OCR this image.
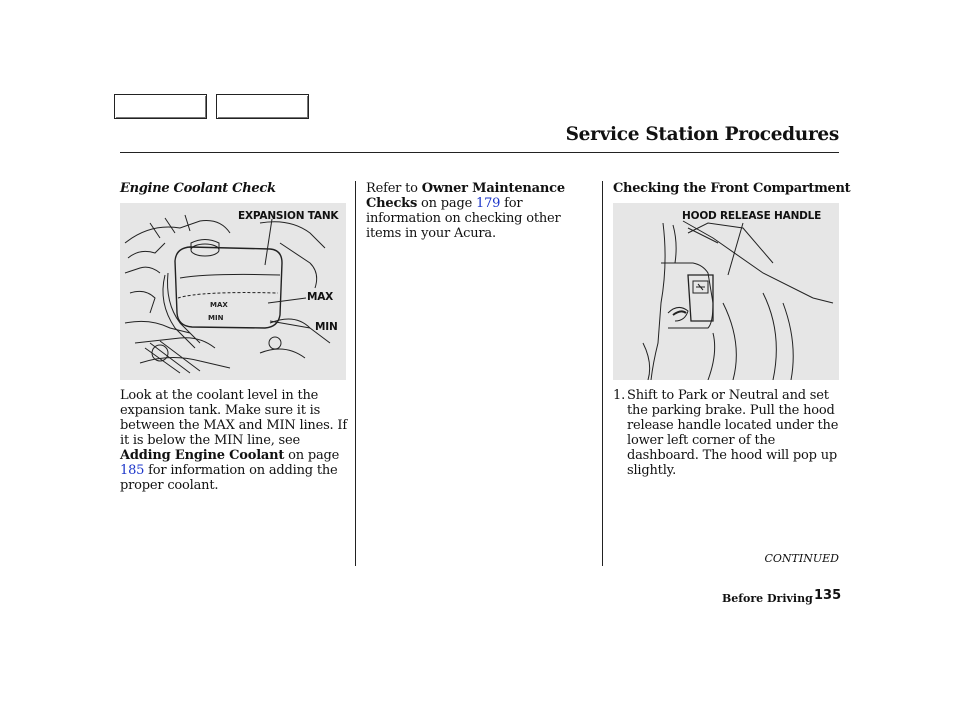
Service Station Procedures
Engine Coolant Check
MAX
MIN
EXPANSION TANK
MAX
MIN
Look at the coolant level in the expansion tank. Make sure it is between the MAX and MIN lines. If it is below the MIN line, see Adding Engine Coolant on page 185 for information on adding the proper coolant.
Refer to Owner Maintenance Checks on page 179 for information on checking other items in your Acura.
Checking the Front Compartment
HOOD RELEASE HANDLE
1. Shift to Park or Neutral and set the parking brake. Pull the hood release handle located under the lower left corner of the dashboard. The hood will pop up slightly.
CONTINUED
Before Driving 135
